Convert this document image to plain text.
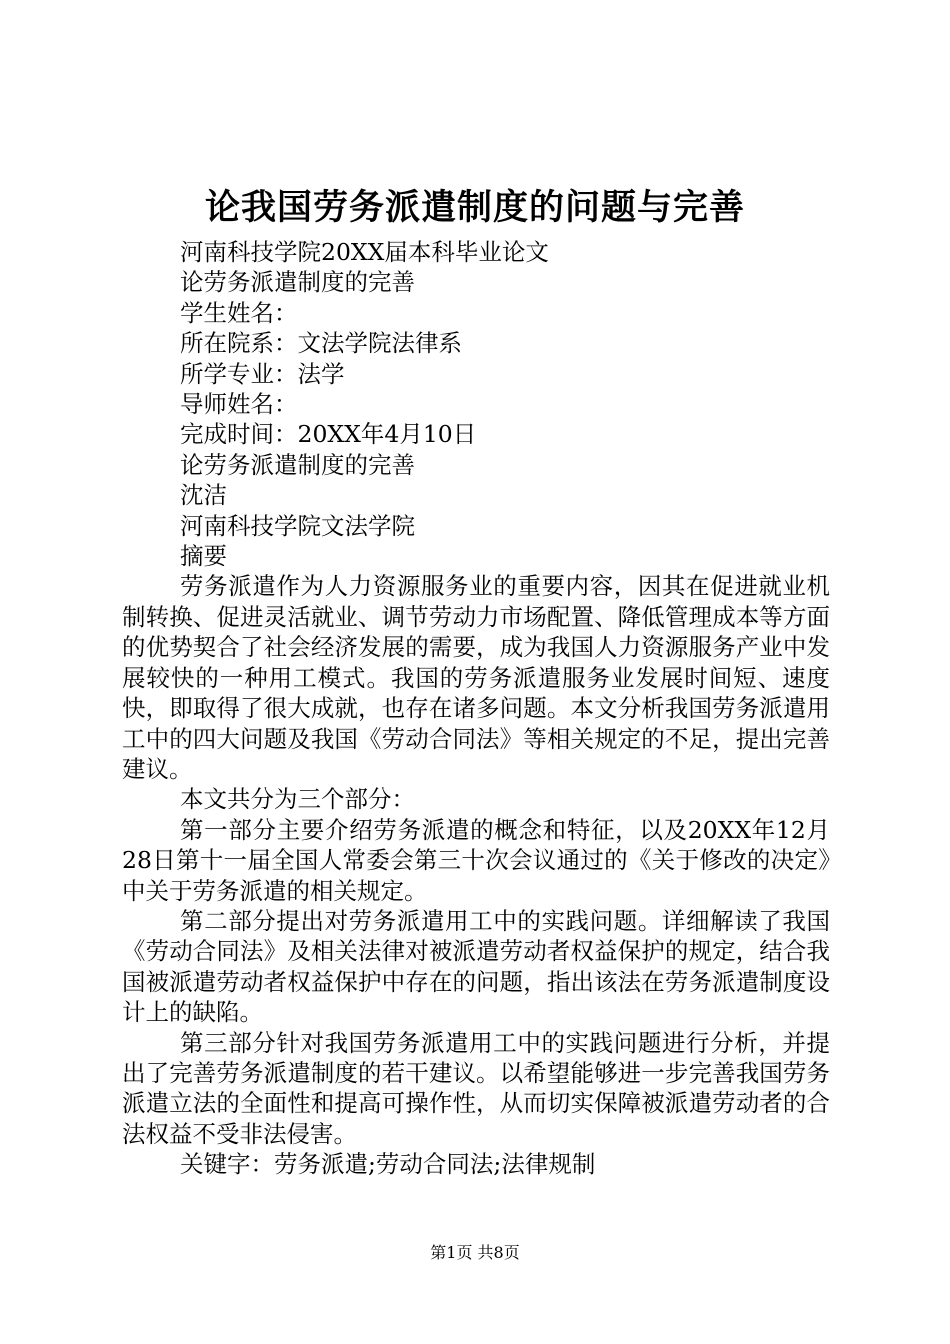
论我国劳务派遣制度的问题与完善

河南科技学院20XX届本科毕业论文

论劳务派遣制度的完善

学生姓名：

所在院系：文法学院法律系

所学专业：法学

导师姓名：

完成时间：20XX年4月10日

论劳务派遣制度的完善

沈洁

河南科技学院文法学院

摘要

劳务派遣作为人力资源服务业的重要内容，因其在促进就业机制转换、促进灵活就业、调节劳动力市场配置、降低管理成本等方面的优势契合了社会经济发展的需要，成为我国人力资源服务产业中发展较快的一种用工模式。我国的劳务派遣服务业发展时间短、速度快，即取得了很大成就，也存在诸多问题。本文分析我国劳务派遣用工中的四大问题及我国《劳动合同法》等相关规定的不足，提出完善建议。

本文共分为三个部分：

第一部分主要介绍劳务派遣的概念和特征，以及20XX年12月28日第十一届全国人常委会第三十次会议通过的《关于修改的决定》中关于劳务派遣的相关规定。

第二部分提出对劳务派遣用工中的实践问题。详细解读了我国《劳动合同法》及相关法律对被派遣劳动者权益保护的规定，结合我国被派遣劳动者权益保护中存在的问题，指出该法在劳务派遣制度设计上的缺陷。

第三部分针对我国劳务派遣用工中的实践问题进行分析，并提出了完善劳务派遣制度的若干建议。以希望能够进一步完善我国劳务派遣立法的全面性和提高可操作性，从而切实保障被派遣劳动者的合法权益不受非法侵害。

关键字：劳务派遣;劳动合同法;法律规制

第1页 共8页
